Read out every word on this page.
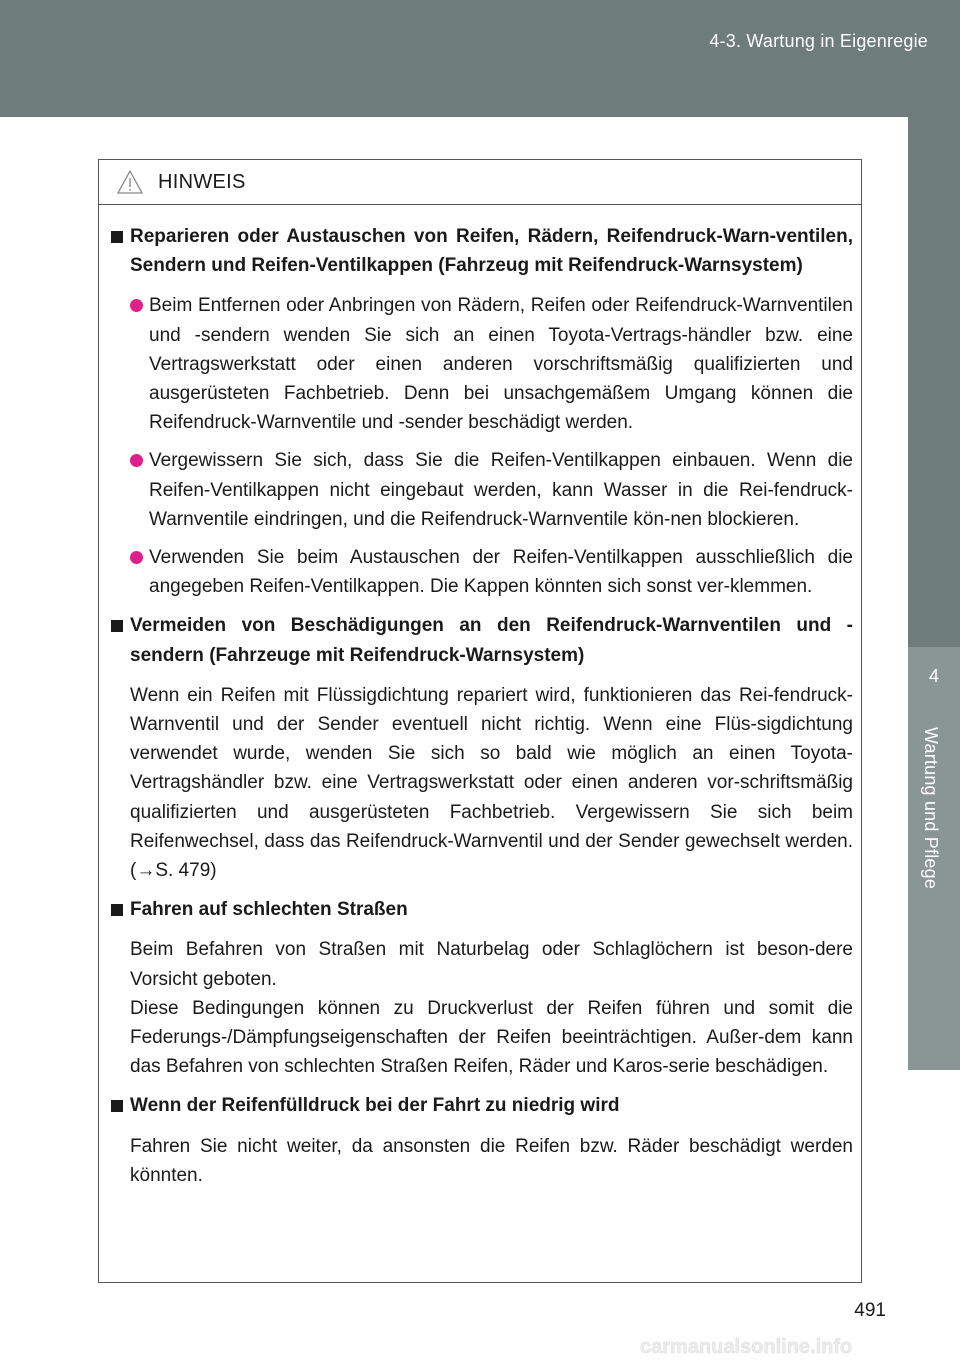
4-3. Wartung in Eigenregie
4
Wartung und Pflege
HINWEIS
Reparieren oder Austauschen von Reifen, Rädern, Reifendruck-Warn-ventilen, Sendern und Reifen-Ventilkappen (Fahrzeug mit Reifendruck-Warnsystem)
Beim Entfernen oder Anbringen von Rädern, Reifen oder Reifendruck-Warnventilen und -sendern wenden Sie sich an einen Toyota-Vertrags-händler bzw. eine Vertragswerkstatt oder einen anderen vorschriftsmäßig qualifizierten und ausgerüsteten Fachbetrieb. Denn bei unsachgemäßem Umgang können die Reifendruck-Warnventile und -sender beschädigt werden.
Vergewissern Sie sich, dass Sie die Reifen-Ventilkappen einbauen. Wenn die Reifen-Ventilkappen nicht eingebaut werden, kann Wasser in die Rei-fendruck-Warnventile eindringen, und die Reifendruck-Warnventile kön-nen blockieren.
Verwenden Sie beim Austauschen der Reifen-Ventilkappen ausschließlich die angegeben Reifen-Ventilkappen. Die Kappen könnten sich sonst ver-klemmen.
Vermeiden von Beschädigungen an den Reifendruck-Warnventilen und -sendern (Fahrzeuge mit Reifendruck-Warnsystem)
Wenn ein Reifen mit Flüssigdichtung repariert wird, funktionieren das Rei-fendruck-Warnventil und der Sender eventuell nicht richtig. Wenn eine Flüs-sigdichtung verwendet wurde, wenden Sie sich so bald wie möglich an einen Toyota-Vertragshändler bzw. eine Vertragswerkstatt oder einen anderen vor-schriftsmäßig qualifizierten und ausgerüsteten Fachbetrieb. Vergewissern Sie sich beim Reifenwechsel, dass das Reifendruck-Warnventil und der Sender gewechselt werden. (→S. 479)
Fahren auf schlechten Straßen
Beim Befahren von Straßen mit Naturbelag oder Schlaglöchern ist beson-dere Vorsicht geboten.
Diese Bedingungen können zu Druckverlust der Reifen führen und somit die Federungs-/Dämpfungseigenschaften der Reifen beeinträchtigen. Außer-dem kann das Befahren von schlechten Straßen Reifen, Räder und Karos-serie beschädigen.
Wenn der Reifenfülldruck bei der Fahrt zu niedrig wird
Fahren Sie nicht weiter, da ansonsten die Reifen bzw. Räder beschädigt werden könnten.
491
carmanualsonline.info
